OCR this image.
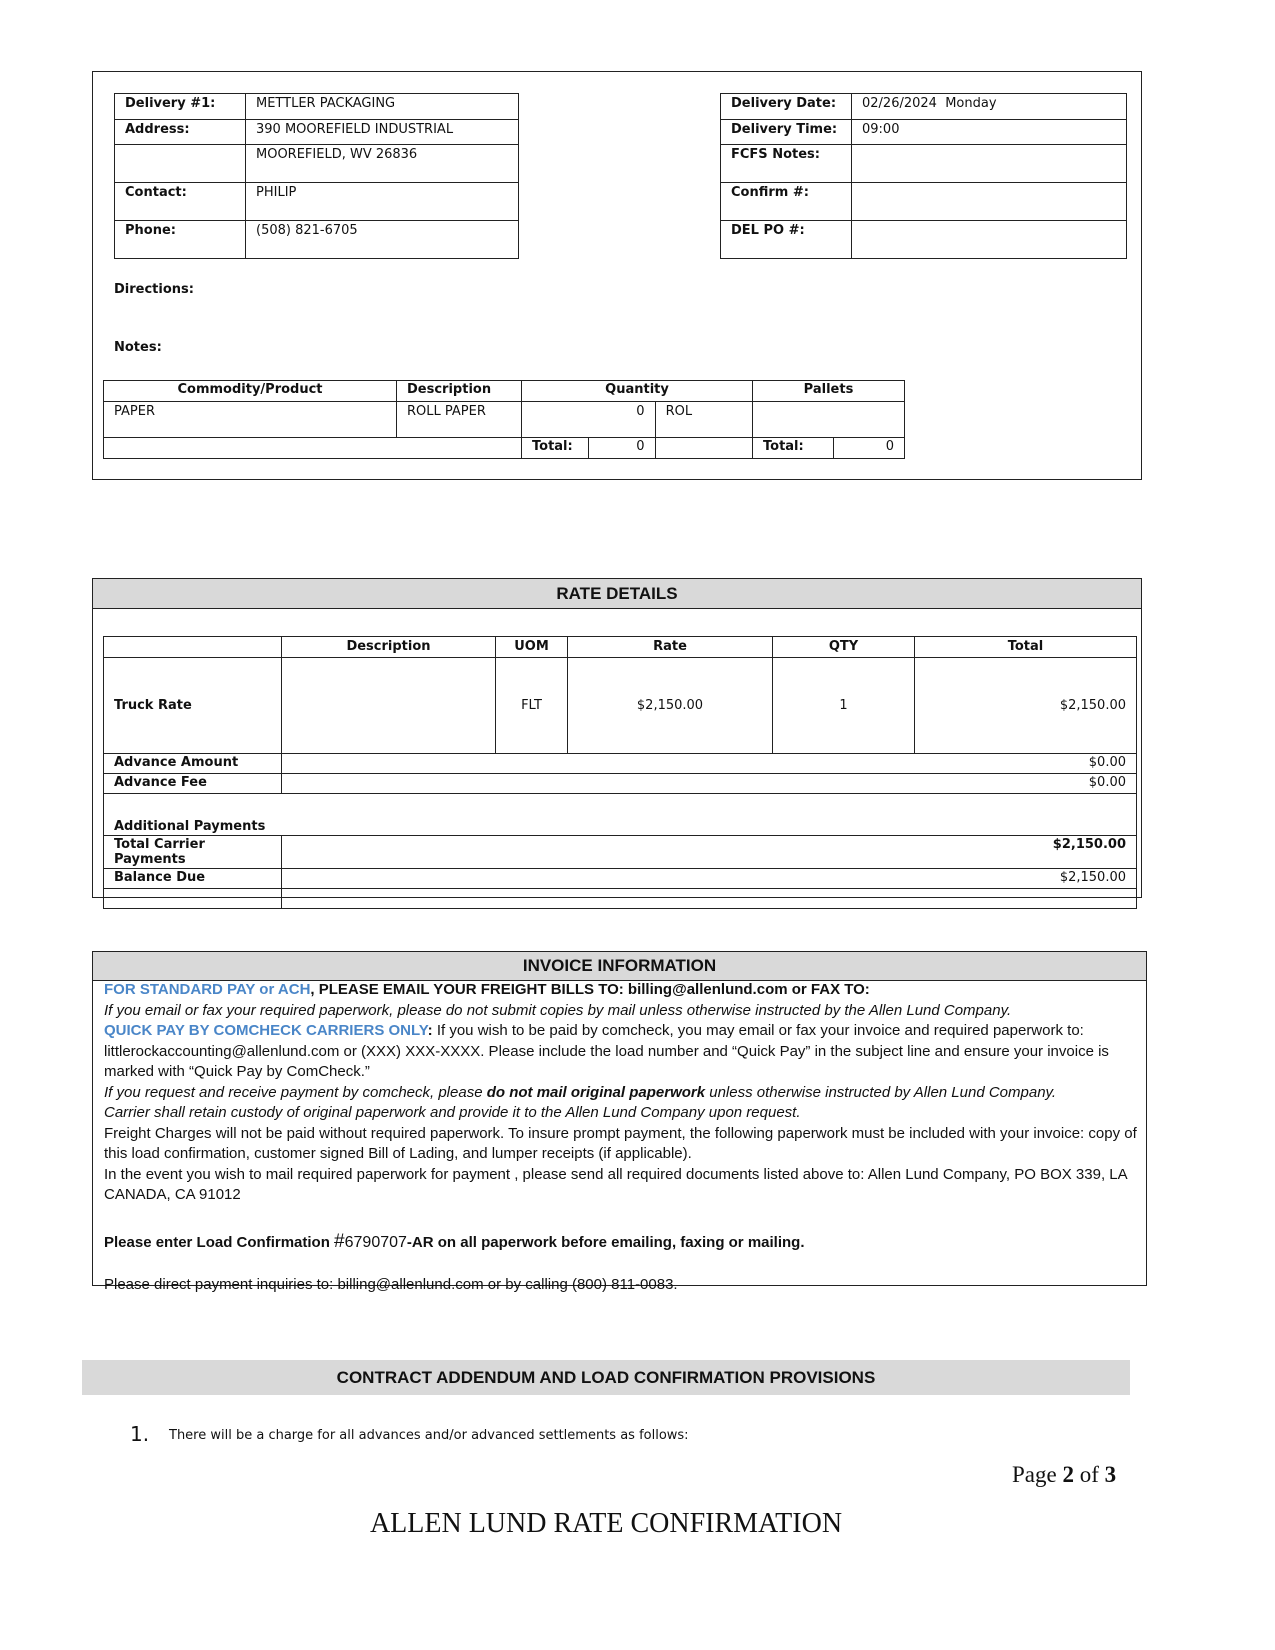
Delivery #1:	METTLER PACKAGING
Address:	390 MOOREFIELD INDUSTRIAL
	MOOREFIELD, WV 26836
Contact:	PHILIP
Phone:	(508) 821-6705
Delivery Date:	02/26/2024  Monday
Delivery Time:	09:00
FCFS Notes:	
Confirm #:	
DEL PO #:	
Directions:
Notes:
Commodity/Product	Description	Quantity			Pallets	
PAPER	ROLL PAPER	0		ROL		
		Total:	0		Total:	0
RATE DETAILS
	Description	UOM	Rate	QTY	Total
Truck Rate		FLT	$2,150.00	1	$2,150.00
Advance Amount	$0.00				
Advance Fee	$0.00				
Additional Payments					
Total Carrier Payments	$2,150.00				
Balance Due	$2,150.00				

INVOICE INFORMATION

FOR STANDARD PAY or ACH, PLEASE EMAIL YOUR FREIGHT BILLS TO: billing@allenlund.com or FAX TO:

If you email or fax your required paperwork, please do not submit copies by mail unless otherwise instructed by the Allen Lund Company.

QUICK PAY BY COMCHECK CARRIERS ONLY: If you wish to be paid by comcheck, you may email or fax your invoice and required paperwork to: littlerockaccounting@allenlund.com or (XXX) XXX-XXXX. Please include the load number and “Quick Pay” in the subject line and ensure your invoice is marked with “Quick Pay by ComCheck.”

If you request and receive payment by comcheck, please do not mail original paperwork unless otherwise instructed by Allen Lund Company.

Carrier shall retain custody of original paperwork and provide it to the Allen Lund Company upon request.

Freight Charges will not be paid without required paperwork. To insure prompt payment, the following paperwork must be included with your invoice: copy of this load confirmation, customer signed Bill of Lading, and lumper receipts (if applicable).

In the event you wish to mail required paperwork for payment , please send all required documents listed above to: Allen Lund Company, PO BOX 339, LA CANADA, CA 91012

Please enter Load Confirmation #6790707-AR on all paperwork before emailing, faxing or mailing.

Please direct payment inquiries to: billing@allenlund.com or by calling (800) 811-0083.

CONTRACT ADDENDUM AND LOAD CONFIRMATION PROVISIONS
1. There will be a charge for all advances and/or advanced settlements as follows:
Page 2 of 3
ALLEN LUND RATE CONFIRMATION
